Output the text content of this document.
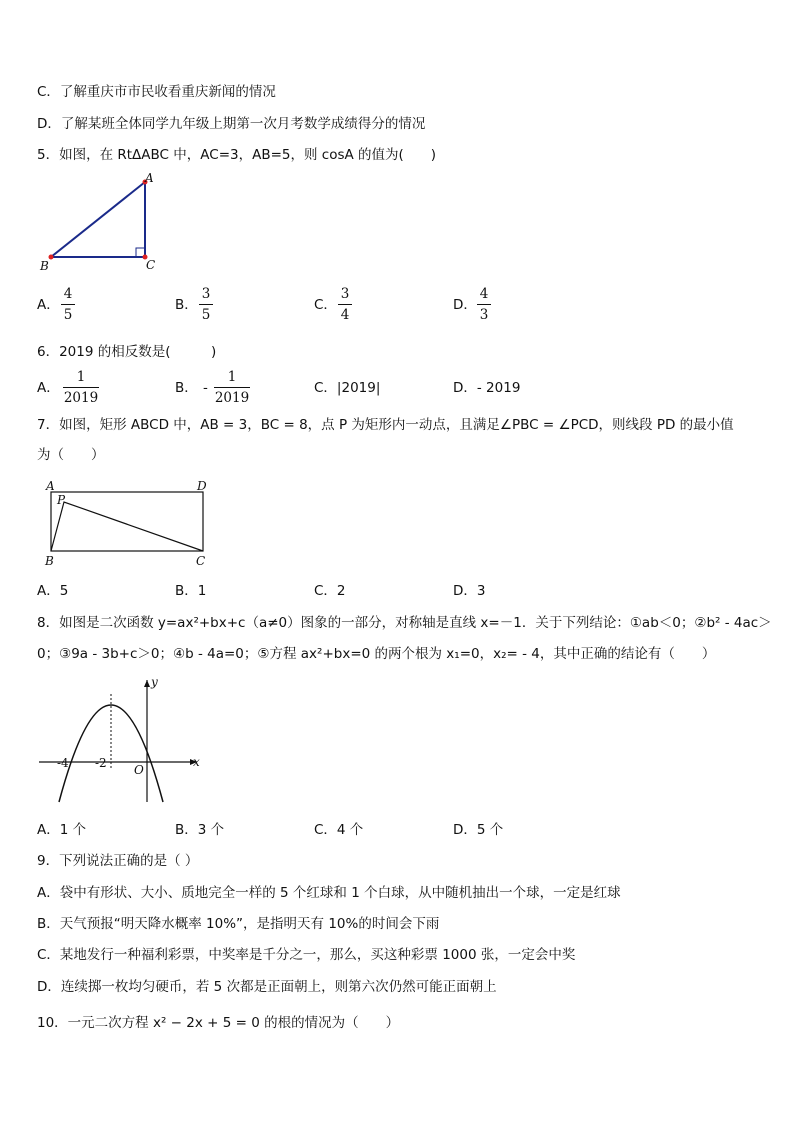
C．了解重庆市市民收看重庆新闻的情况
D．了解某班全体同学九年级上期第一次月考数学成绩得分的情况
5．如图，在 RtΔABC 中，AC=3，AB=5，则 cosA 的值为(　　)
A
B	C
A．
4
5
B．
3
5
C．
3
4
D．
4
3
6．2019 的相反数是(　　　)
A．
1
2019
B． -
1
2019
C．|2019|	D．- 2019
7．如图，矩形 ABCD 中，AB = 3，BC = 8，点 P 为矩形内一动点，且满足∠PBC = ∠PCD，则线段 PD 的最小值
为（　　）
A	D
P
B	C
A．5	B．1	C．2	D．3
8．如图是二次函数 y=ax²+bx+c（a≠0）图象的一部分，对称轴是直线 x=－1．关于下列结论：①ab＜0；②b² - 4ac＞
0；③9a - 3b+c＞0；④b - 4a=0；⑤方程 ax²+bx=0 的两个根为 x₁=0，x₂= - 4，其中正确的结论有（　　）
y
x
O
-4 -2
A．1 个	B．3 个	C．4 个	D．5 个
9．下列说法正确的是（ ）
A．袋中有形状、大小、质地完全一样的 5 个红球和 1 个白球，从中随机抽出一个球，一定是红球
B．天气预报“明天降水概率 10%”，是指明天有 10%的时间会下雨
C．某地发行一种福利彩票，中奖率是千分之一，那么，买这种彩票 1000 张，一定会中奖
D．连续掷一枚均匀硬币，若 5 次都是正面朝上，则第六次仍然可能正面朝上
10．一元二次方程 x² − 2x + 5 = 0 的根的情况为（　　）
